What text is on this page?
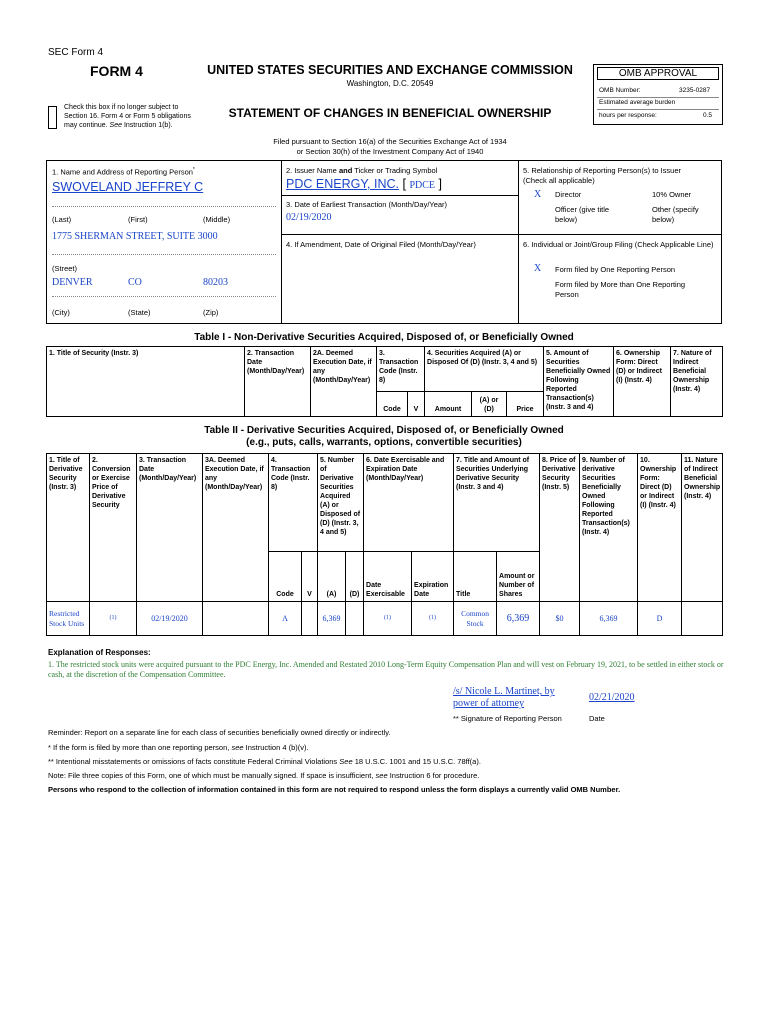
SEC Form 4
FORM 4	UNITED STATES SECURITIES AND EXCHANGE COMMISSION
Washington, D.C. 20549
Check this box if no longer subject to Section 16. Form 4 or Form 5 obligations may continue. See Instruction 1(b).
STATEMENT OF CHANGES IN BENEFICIAL OWNERSHIP
Filed pursuant to Section 16(a) of the Securities Exchange Act of 1934
or Section 30(h) of the Investment Company Act of 1940
OMB APPROVAL
OMB Number:	3235-0287
Estimated average burden
hours per response:	0.5
1. Name and Address of Reporting Person*
SWOVELAND JEFFREY C
(Last)	(First)	(Middle)
1775 SHERMAN STREET, SUITE 3000
(Street)
DENVER	CO	80203
(City)	(State)	(Zip)
2. Issuer Name and Ticker or Trading Symbol
PDC ENERGY, INC. [ PDCE ]
3. Date of Earliest Transaction (Month/Day/Year)
02/19/2020
4. If Amendment, Date of Original Filed (Month/Day/Year)
5. Relationship of Reporting Person(s) to Issuer
(Check all applicable)
X Director	10% Owner
Officer (give title below)
Other (specify below)
6. Individual or Joint/Group Filing (Check Applicable Line)
X Form filed by One Reporting Person
Form filed by More than One Reporting Person
Table I - Non-Derivative Securities Acquired, Disposed of, or Beneficially Owned
1. Title of Security (Instr. 3)	2. Transaction Date (Month/Day/Year)	2A. Deemed Execution Date, if any (Month/Day/Year)	3. Transaction Code (Instr. 8)		4. Securities Acquired (A) or Disposed Of (D) (Instr. 3, 4 and 5)			5. Amount of Securities Beneficially Owned Following Reported Transaction(s) (Instr. 3 and 4)	6. Ownership Form: Direct (D) or Indirect (I) (Instr. 4)	7. Nature of Indirect Beneficial Ownership (Instr. 4)
			Code	V	Amount	(A) or (D)	Price			
Table II - Derivative Securities Acquired, Disposed of, or Beneficially Owned
(e.g., puts, calls, warrants, options, convertible securities)
1. Title of Derivative Security (Instr. 3)	2. Conversion or Exercise Price of Derivative Security	3. Transaction Date (Month/Day/Year)	3A. Deemed Execution Date, if any (Month/Day/Year)	4. Transaction Code (Instr. 8)		5. Number of Derivative Securities Acquired (A) or Disposed of (D) (Instr. 3, 4 and 5)		6. Date Exercisable and Expiration Date (Month/Day/Year)		7. Title and Amount of Securities Underlying Derivative Security (Instr. 3 and 4)		8. Price of Derivative Security (Instr. 5)	9. Number of derivative Securities Beneficially Owned Following Reported Transaction(s) (Instr. 4)	10. Ownership Form: Direct (D) or Indirect (I) (Instr. 4)	11. Nature of Indirect Beneficial Ownership (Instr. 4)
				Code	V	(A)	(D)	Date Exercisable	Expiration Date	Title	Amount or Number of Shares				
Restricted Stock Units	(1)	02/19/2020		A		6,369		(1)	(1)	Common Stock	6,369	$0	6,369	D	
Explanation of Responses:
1. The restricted stock units were acquired pursuant to the PDC Energy, Inc. Amended and Restated 2010 Long-Term Equity Compensation Plan and will vest on February 19, 2021, to be settled in either stock or cash, at the discretion of the Compensation Committee.
/s/ Nicole L. Martinet, by power of attorney
02/21/2020
** Signature of Reporting Person	Date
Reminder: Report on a separate line for each class of securities beneficially owned directly or indirectly.
* If the form is filed by more than one reporting person, see Instruction 4 (b)(v).
** Intentional misstatements or omissions of facts constitute Federal Criminal Violations See 18 U.S.C. 1001 and 15 U.S.C. 78ff(a).
Note: File three copies of this Form, one of which must be manually signed. If space is insufficient, see Instruction 6 for procedure.
Persons who respond to the collection of information contained in this form are not required to respond unless the form displays a currently valid OMB Number.
